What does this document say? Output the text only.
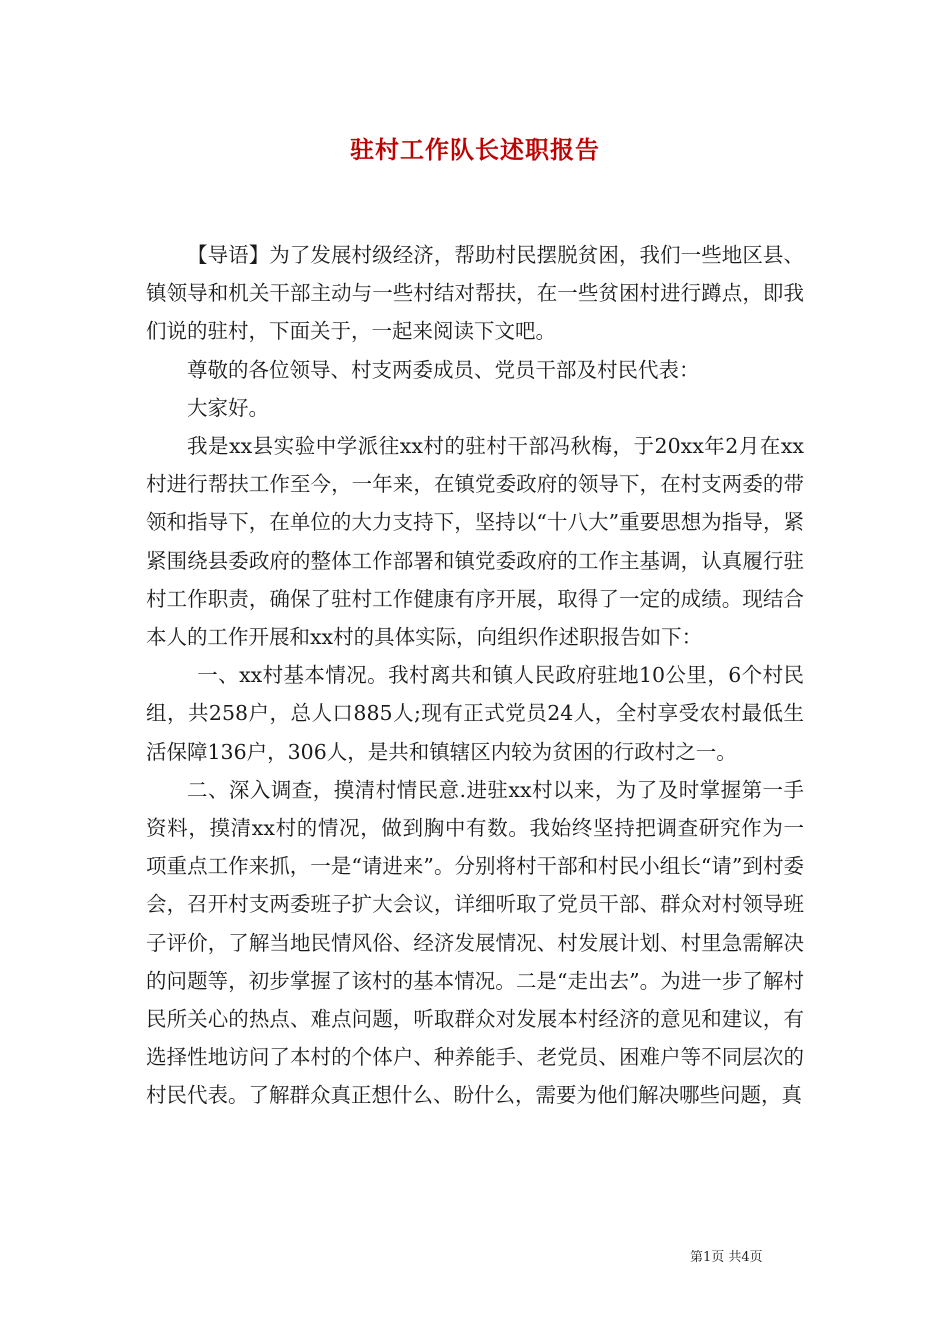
驻村工作队长述职报告

【导语】为了发展村级经济，帮助村民摆脱贫困，我们一些地区县、镇领导和机关干部主动与一些村结对帮扶，在一些贫困村进行蹲点，即我们说的驻村，下面关于，一起来阅读下文吧。

尊敬的各位领导、村支两委成员、党员干部及村民代表：

大家好。

我是xx县实验中学派往xx村的驻村干部冯秋梅，于20xx年2月在xx村进行帮扶工作至今，一年来，在镇党委政府的领导下，在村支两委的带领和指导下，在单位的大力支持下，坚持以“十八大”重要思想为指导，紧紧围绕县委政府的整体工作部署和镇党委政府的工作主基调，认真履行驻村工作职责，确保了驻村工作健康有序开展，取得了一定的成绩。现结合本人的工作开展和xx村的具体实际，向组织作述职报告如下：

一、xx村基本情况。我村离共和镇人民政府驻地10公里，6个村民组，共258户，总人口885人;现有正式党员24人，全村享受农村最低生活保障136户，306人，是共和镇辖区内较为贫困的行政村之一。

二、深入调查，摸清村情民意.进驻xx村以来，为了及时掌握第一手资料，摸清xx村的情况，做到胸中有数。我始终坚持把调查研究作为一项重点工作来抓，一是“请进来”。分别将村干部和村民小组长“请”到村委会，召开村支两委班子扩大会议，详细听取了党员干部、群众对村领导班子评价，了解当地民情风俗、经济发展情况、村发展计划、村里急需解决的问题等，初步掌握了该村的基本情况。二是“走出去”。为进一步了解村民所关心的热点、难点问题，听取群众对发展本村经济的意见和建议，有选择性地访问了本村的个体户、种养能手、老党员、困难户等不同层次的村民代表。了解群众真正想什么、盼什么，需要为他们解决哪些问题，真

第1页 共4页
